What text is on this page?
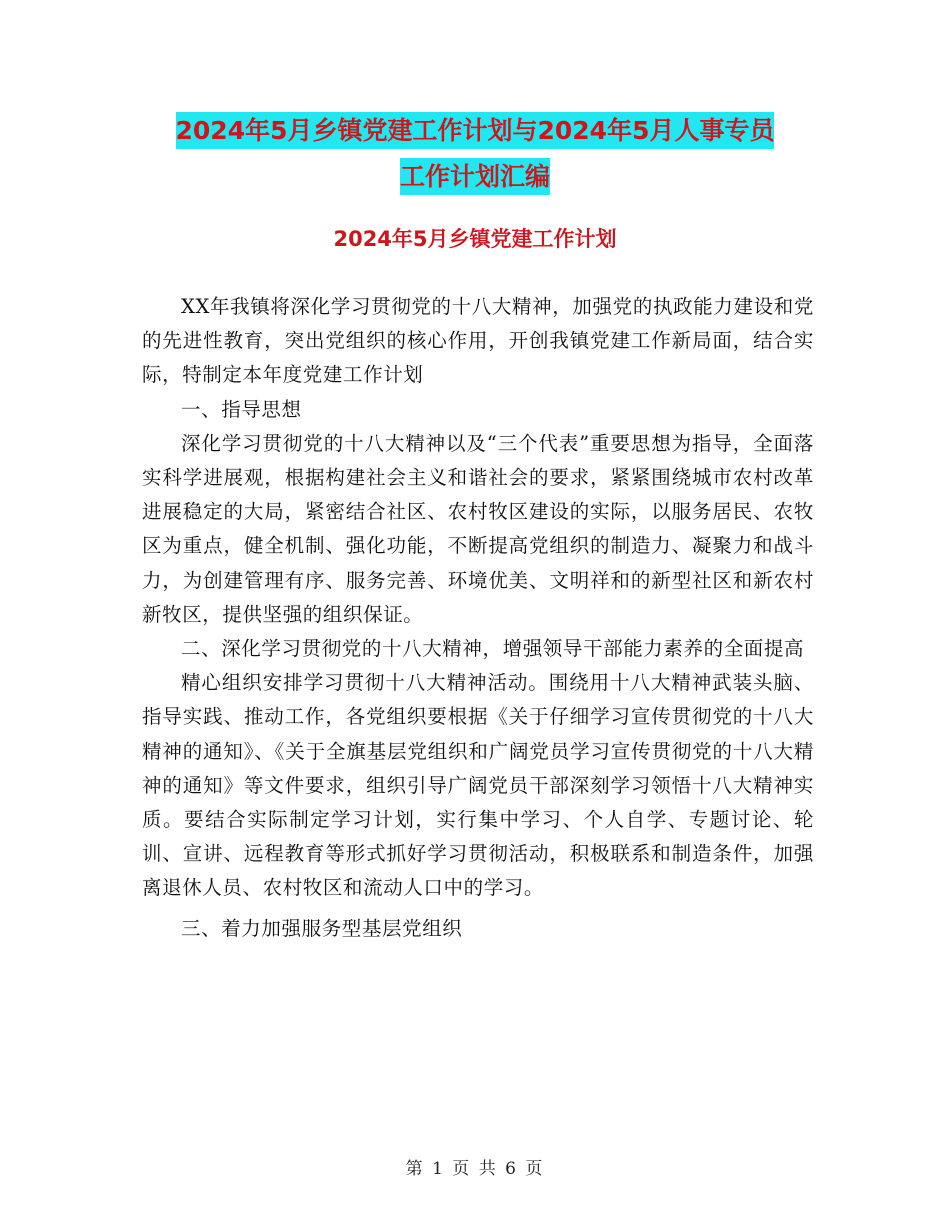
2024年5月乡镇党建工作计划与2024年5月人事专员
工作计划汇编
2024年5月乡镇党建工作计划

XX年我镇将深化学习贯彻党的十八大精神，加强党的执政能力建设和党的先进性教育，突出党组织的核心作用，开创我镇党建工作新局面，结合实际，特制定本年度党建工作计划

一、指导思想

深化学习贯彻党的十八大精神以及“三个代表”重要思想为指导，全面落实科学进展观，根据构建社会主义和谐社会的要求，紧紧围绕城市农村改革进展稳定的大局，紧密结合社区、农村牧区建设的实际，以服务居民、农牧区为重点，健全机制、强化功能，不断提高党组织的制造力、凝聚力和战斗力，为创建管理有序、服务完善、环境优美、文明祥和的新型社区和新农村新牧区，提供坚强的组织保证。

二、深化学习贯彻党的十八大精神，增强领导干部能力素养的全面提高

精心组织安排学习贯彻十八大精神活动。围绕用十八大精神武装头脑、指导实践、推动工作，各党组织要根据《关于仔细学习宣传贯彻党的十八大精神的通知》、《关于全旗基层党组织和广阔党员学习宣传贯彻党的十八大精神的通知》等文件要求，组织引导广阔党员干部深刻学习领悟十八大精神实质。要结合实际制定学习计划，实行集中学习、个人自学、专题讨论、轮训、宣讲、远程教育等形式抓好学习贯彻活动，积极联系和制造条件，加强离退休人员、农村牧区和流动人口中的学习。

三、着力加强服务型基层党组织

第 1 页 共 6 页
